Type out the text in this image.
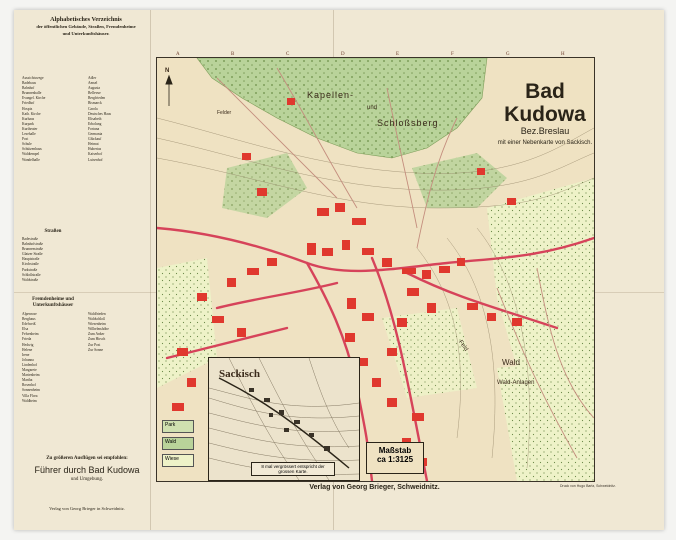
Alphabetisches Verzeichnis
der öffentlichen Gebäude, Straßen, Fremdenheime
und Unterkunftshäuser.
Aussichtswege
Badehaus
Bahnhof
Brunnenhalle
Evangel. Kirche
Friedhof
Hospiz
Kath. Kirche
Kurhaus
Kurpark
Kurtheater
Lesehalle
Post
Schule
Schützenhaus
Waldtempel
Wandelhalle
Adler
Amsel
Augusta
Bellevue
Bergfrieden
Bismarck
Carola
Deutsches Haus
Elisabeth
Erholung
Fortuna
Germania
Glückauf
Heimat
Hubertus
Kaiserhof
Luisenhof
Straßen
Badestraße
Bahnhofstraße
Brunnenstraße
Glatzer Straße
Hauptstraße
Kirchstraße
Parkstraße
Schloßstraße
Waldstraße
Fremdenheime und Unterkunftshäuser
Alpenrose
Berghaus
Edelweiß
Elsa
Felsenheim
Frieda
Hedwig
Helene
Irene
Johanna
Lindenhof
Margarete
Marienheim
Martha
Rosenhof
Sonnenheim
Villa Flora
Waldheim
Waldfrieden
Waldschloß
Wiesenheim
Wilhelmshöhe
Zum Anker
Zum Hirsch
Zur Post
Zur Sonne
Zu größeren Ausflügen sei empfohlen:
Führer durch Bad Kudowa
und Umgebung.
Verlag von Georg Brieger in Schweidnitz.
A	B	C	D	E	F	G	H
N
Kapellen-
und
Schloßsberg
Felder
Feld
Wald
Wald-Anlagen
Bad Kudowa
Bez.Breslau
mit einer Nebenkarte von Sackisch.
Park
Wald
Wiese
Sackisch
8 mal vergrössert entspricht der grossen Karte.
Maßstab
ca 1:3125
Verlag von Georg Brieger, Schweidnitz.	Druck von Hugo Bartz, Schweidnitz.
